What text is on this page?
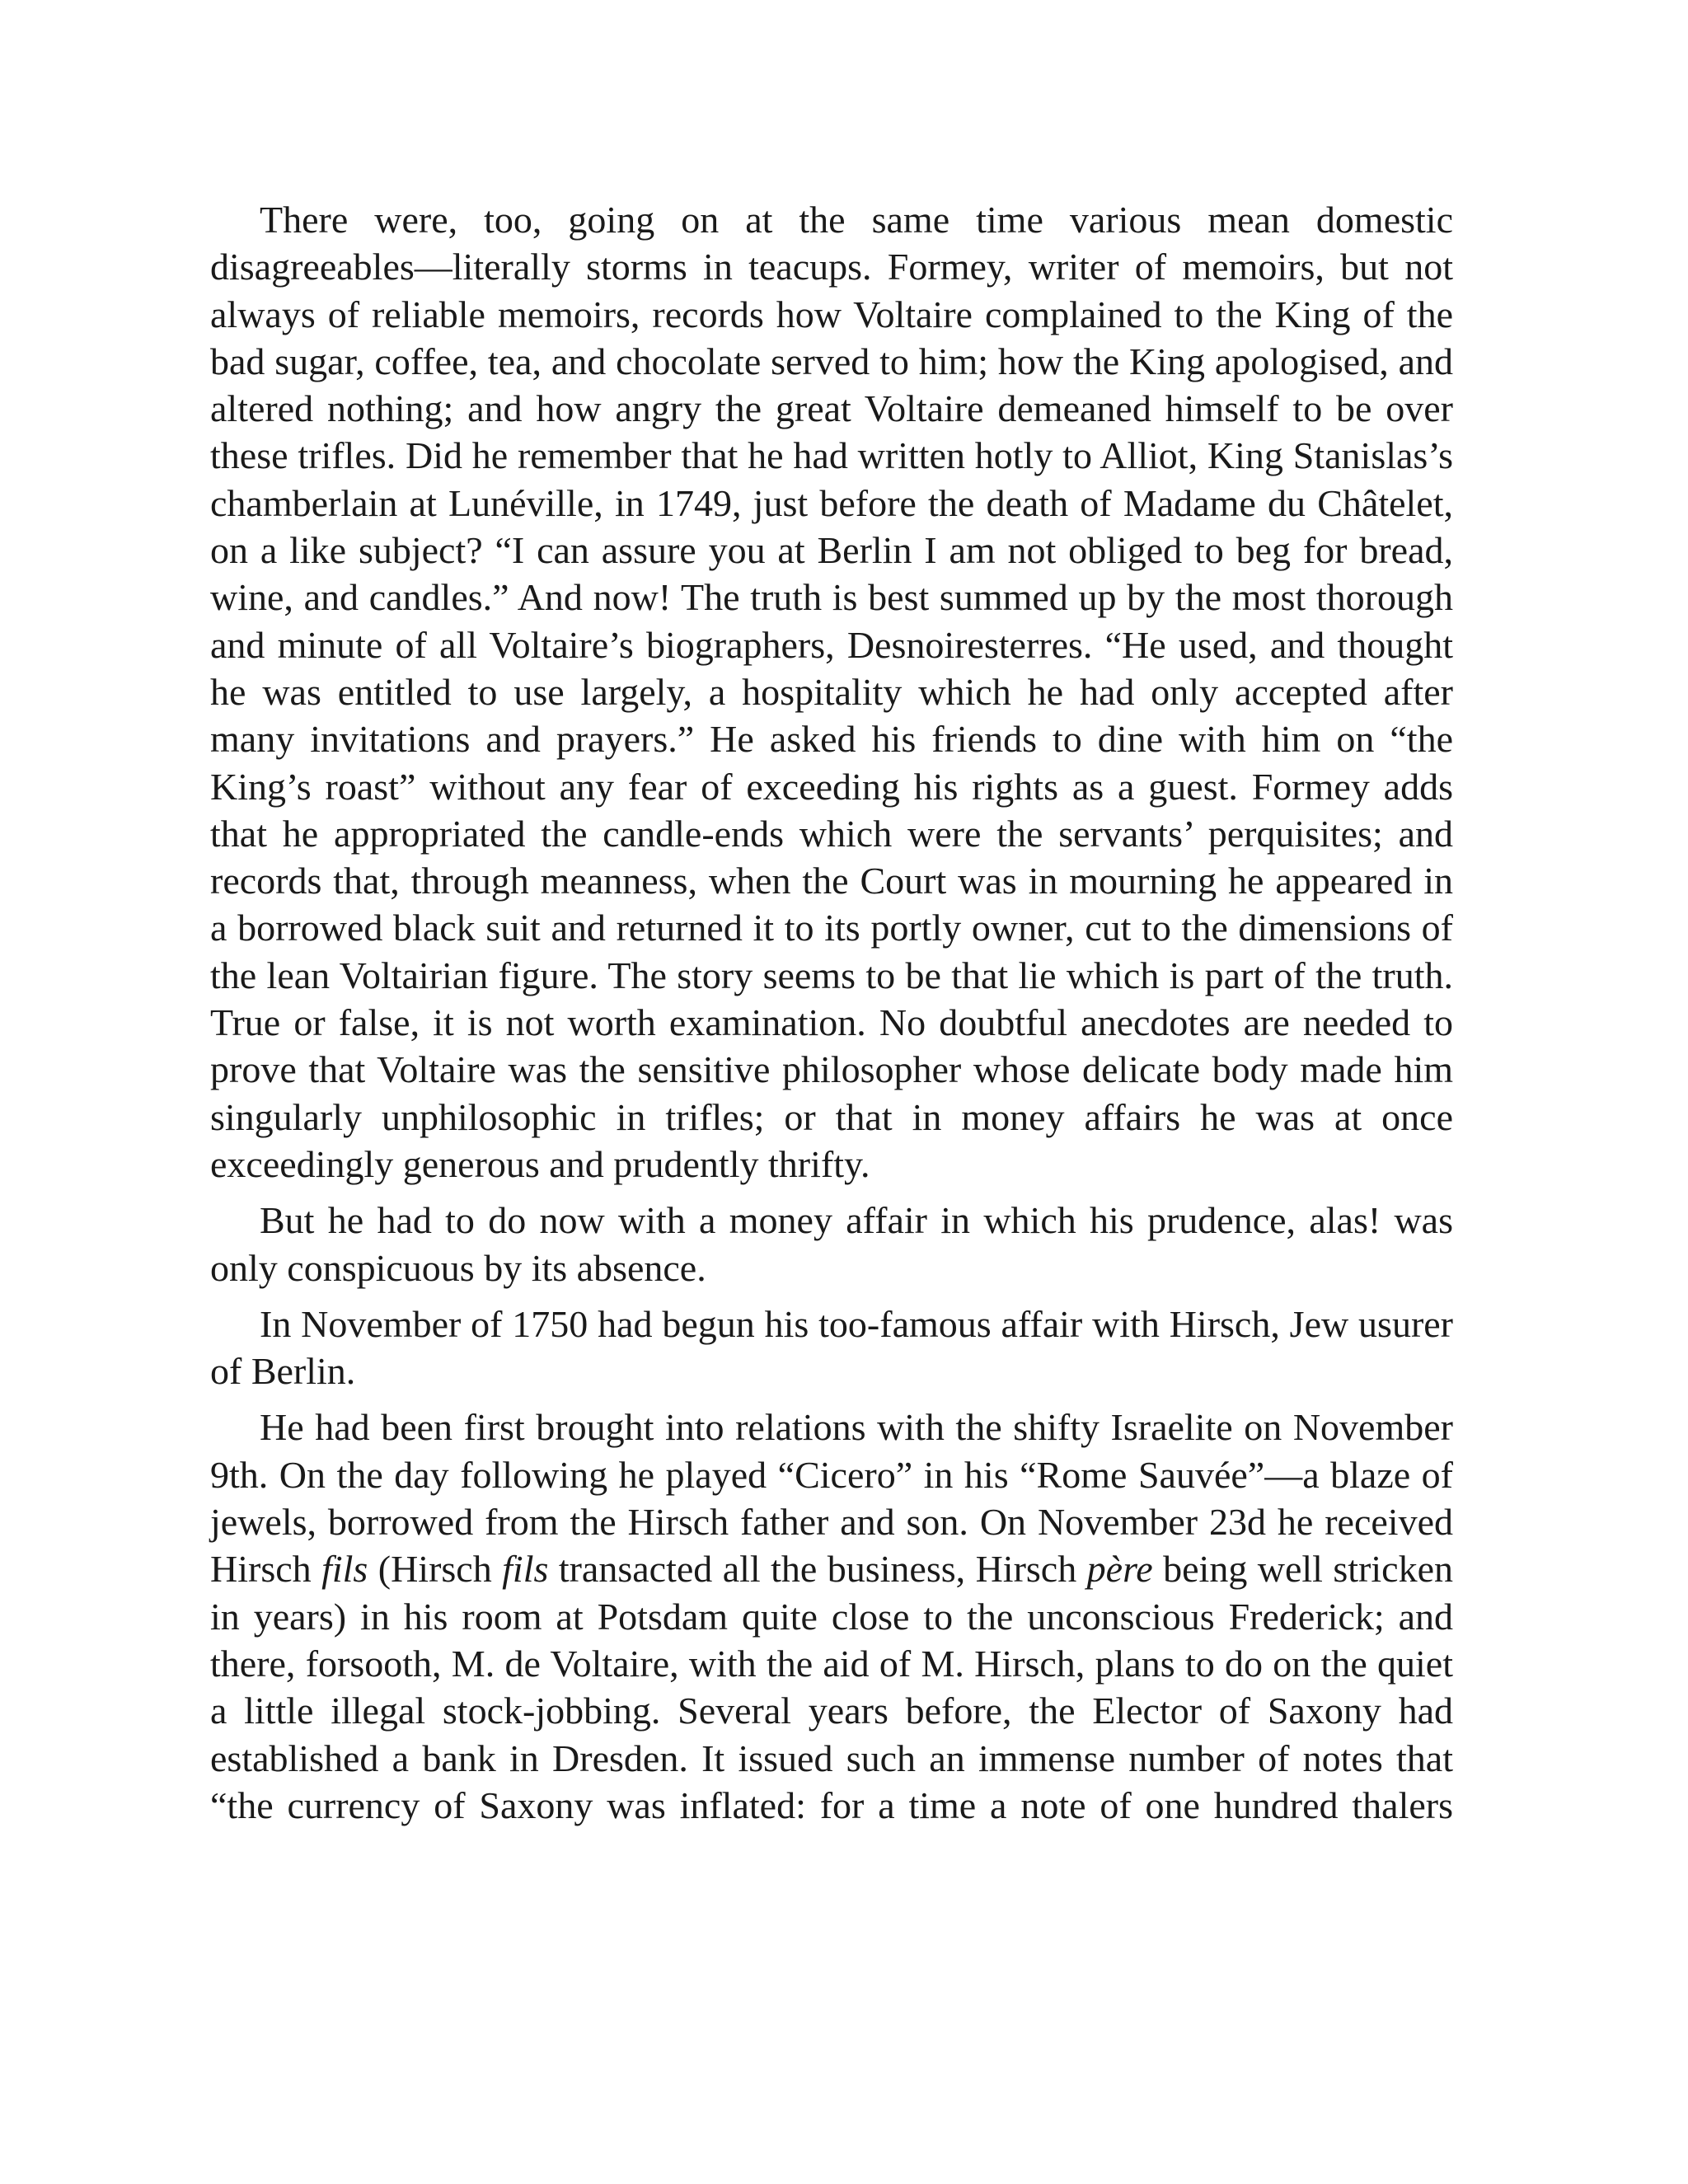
There were, too, going on at the same time various mean domestic disagreeables—literally storms in teacups. Formey, writer of memoirs, but not always of reliable memoirs, records how Voltaire complained to the King of the bad sugar, coffee, tea, and chocolate served to him; how the King apologised, and altered nothing; and how angry the great Voltaire demeaned himself to be over these trifles. Did he remember that he had written hotly to Alliot, King Stanislas’s chamberlain at Lunéville, in 1749, just before the death of Madame du Châtelet, on a like subject? “I can assure you at Berlin I am not obliged to beg for bread, wine, and candles.” And now! The truth is best summed up by the most thorough and minute of all Voltaire’s biographers, Desnoiresterres. “He used, and thought he was entitled to use largely, a hospitality which he had only accepted after many invitations and prayers.” He asked his friends to dine with him on “the King’s roast” without any fear of exceeding his rights as a guest. Formey adds that he appropriated the candle-ends which were the servants’ perquisites; and records that, through meanness, when the Court was in mourning he appeared in a borrowed black suit and returned it to its portly owner, cut to the dimensions of the lean Voltairian figure. The story seems to be that lie which is part of the truth. True or false, it is not worth examination. No doubtful anecdotes are needed to prove that Voltaire was the sensitive philosopher whose delicate body made him singularly unphilosophic in trifles; or that in money affairs he was at once exceedingly generous and prudently thrifty.

But he had to do now with a money affair in which his prudence, alas! was only conspicuous by its absence.

In November of 1750 had begun his too-famous affair with Hirsch, Jew usurer of Berlin.

He had been first brought into relations with the shifty Israelite on November 9th. On the day following he played “Cicero” in his “Rome Sauvée”—a blaze of jewels, borrowed from the Hirsch father and son. On November 23d he received Hirsch fils (Hirsch fils transacted all the business, Hirsch père being well stricken in years) in his room at Potsdam quite close to the unconscious Frederick; and there, forsooth, M. de Voltaire, with the aid of M. Hirsch, plans to do on the quiet a little illegal stock-jobbing. Several years before, the Elector of Saxony had established a bank in Dresden. It issued such an immense number of notes that “the currency of Saxony was inflated: for a time a note of one hundred thalers
